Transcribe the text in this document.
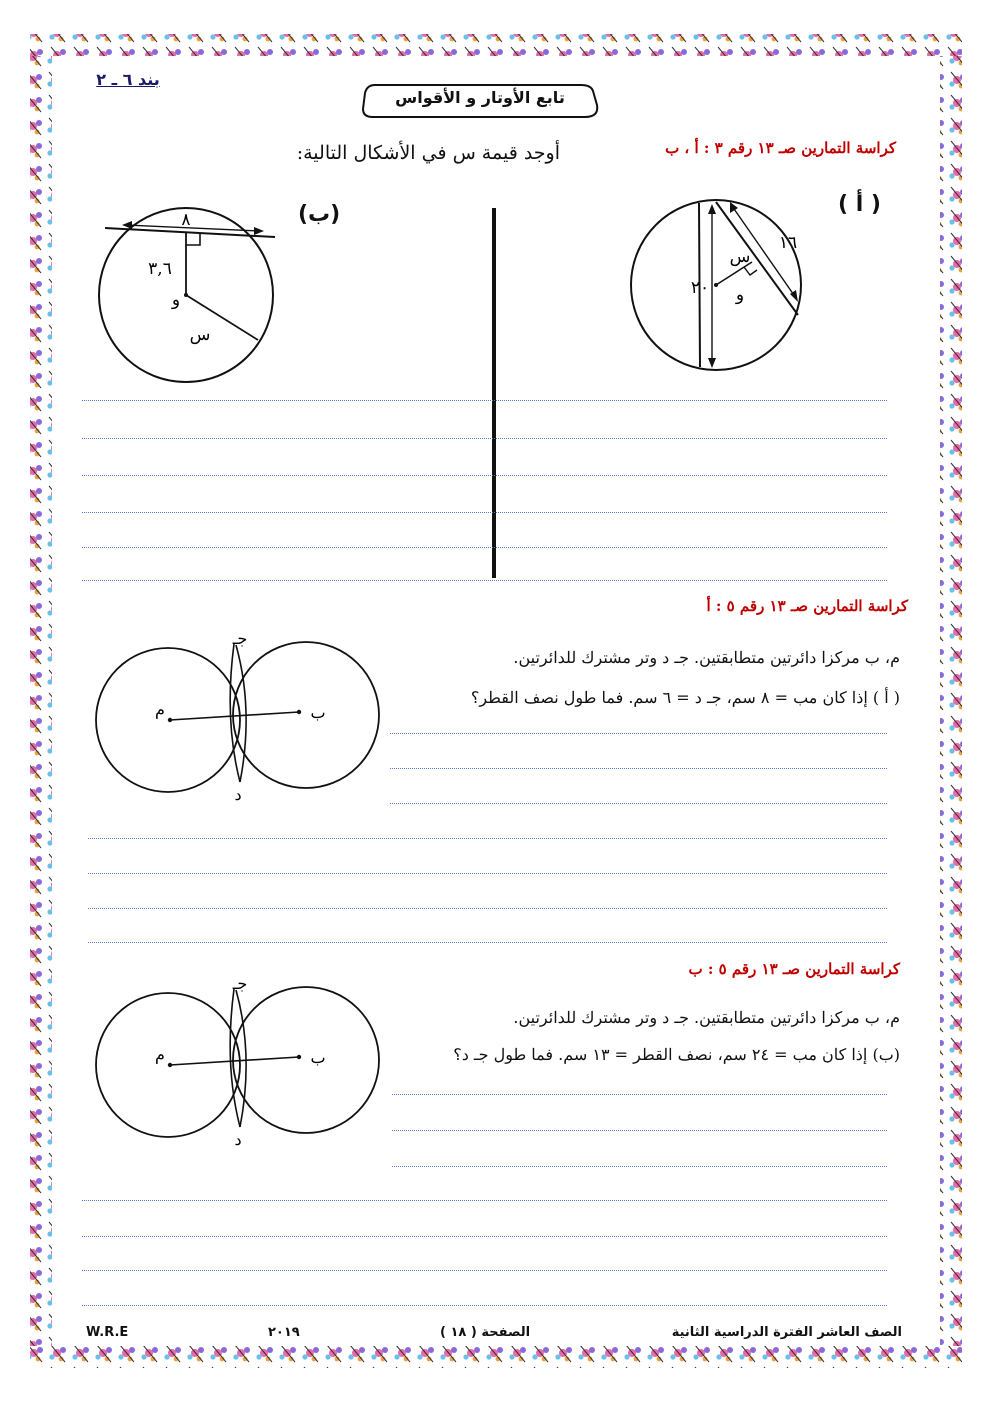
بند ٦ ـ ٢
تابع الأوتار و الأقواس
كراسة التمارين صـ ١٣ رقم ٣ : أ ، ب
أوجد قيمة س في الأشكال التالية:
١٦
٢٠
س
و
( أ )
٨
٣,٦
س
و
(ب)
كراسة التمارين صـ ١٣ رقم ٥ : أ
م، ب مركزا دائرتين متطابقتين. جـ د وتر مشترك للدائرتين.
( أ ) إذا كان مب = ٨ سم، جـ د = ٦ سم. فما طول نصف القطر؟
جـ
د
م	ب
كراسة التمارين صـ ١٣ رقم ٥ : ب
م، ب مركزا دائرتين متطابقتين. جـ د وتر مشترك للدائرتين.
(ب) إذا كان مب = ٢٤ سم، نصف القطر = ١٣ سم. فما طول جـ د؟
جـ
د
م	ب
الصف العاشر الفترة الدراسية الثانية
الصفحة ( ١٨ )
٢٠١٩
W.R.E
